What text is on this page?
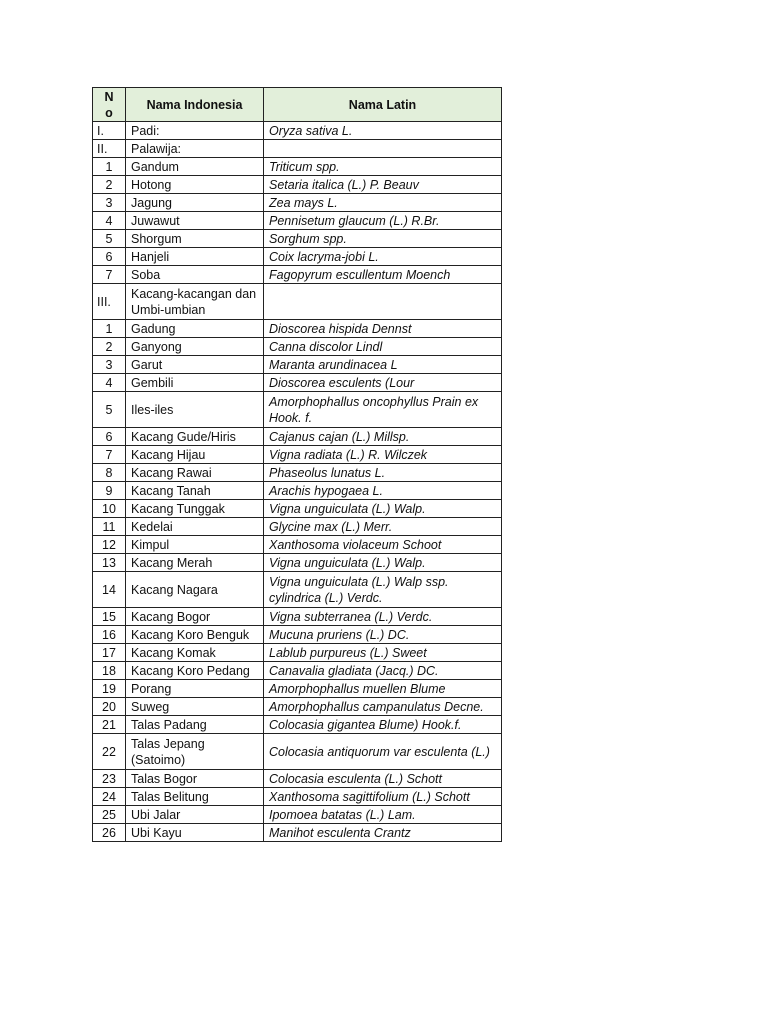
No	Nama Indonesia	Nama Latin
I.	Padi:	Oryza sativa L.
II.	Palawija:	
1	Gandum	Triticum spp.
2	Hotong	Setaria italica (L.) P. Beauv
3	Jagung	Zea mays L.
4	Juwawut	Pennisetum glaucum (L.) R.Br.
5	Shorgum	Sorghum spp.
6	Hanjeli	Coix lacryma-jobi L.
7	Soba	Fagopyrum escullentum Moench
III.	Kacang-kacangan dan Umbi-umbian	
1	Gadung	Dioscorea hispida Dennst
2	Ganyong	Canna discolor Lindl
3	Garut	Maranta arundinacea L
4	Gembili	Dioscorea esculents (Lour
5	Iles-iles	Amorphophallus oncophyllus Prain ex Hook. f.
6	Kacang Gude/Hiris	Cajanus cajan (L.) Millsp.
7	Kacang Hijau	Vigna radiata (L.) R. Wilczek
8	Kacang Rawai	Phaseolus lunatus L.
9	Kacang Tanah	Arachis hypogaea L.
10	Kacang Tunggak	Vigna unguiculata (L.) Walp.
11	Kedelai	Glycine max (L.) Merr.
12	Kimpul	Xanthosoma violaceum Schoot
13	Kacang Merah	Vigna unguiculata (L.) Walp.
14	Kacang Nagara	Vigna unguiculata (L.) Walp ssp. cylindrica (L.) Verdc.
15	Kacang Bogor	Vigna subterranea (L.) Verdc.
16	Kacang Koro Benguk	Mucuna pruriens (L.) DC.
17	Kacang Komak	Lablub purpureus (L.) Sweet
18	Kacang Koro Pedang	Canavalia gladiata (Jacq.) DC.
19	Porang	Amorphophallus muellen Blume
20	Suweg	Amorphophallus campanulatus Decne.
21	Talas Padang	Colocasia gigantea Blume) Hook.f.
22	Talas Jepang (Satoimo)	Colocasia antiquorum var esculenta (L.)
23	Talas Bogor	Colocasia esculenta (L.) Schott
24	Talas Belitung	Xanthosoma sagittifolium (L.) Schott
25	Ubi Jalar	Ipomoea batatas (L.) Lam.
26	Ubi Kayu	Manihot esculenta Crantz
